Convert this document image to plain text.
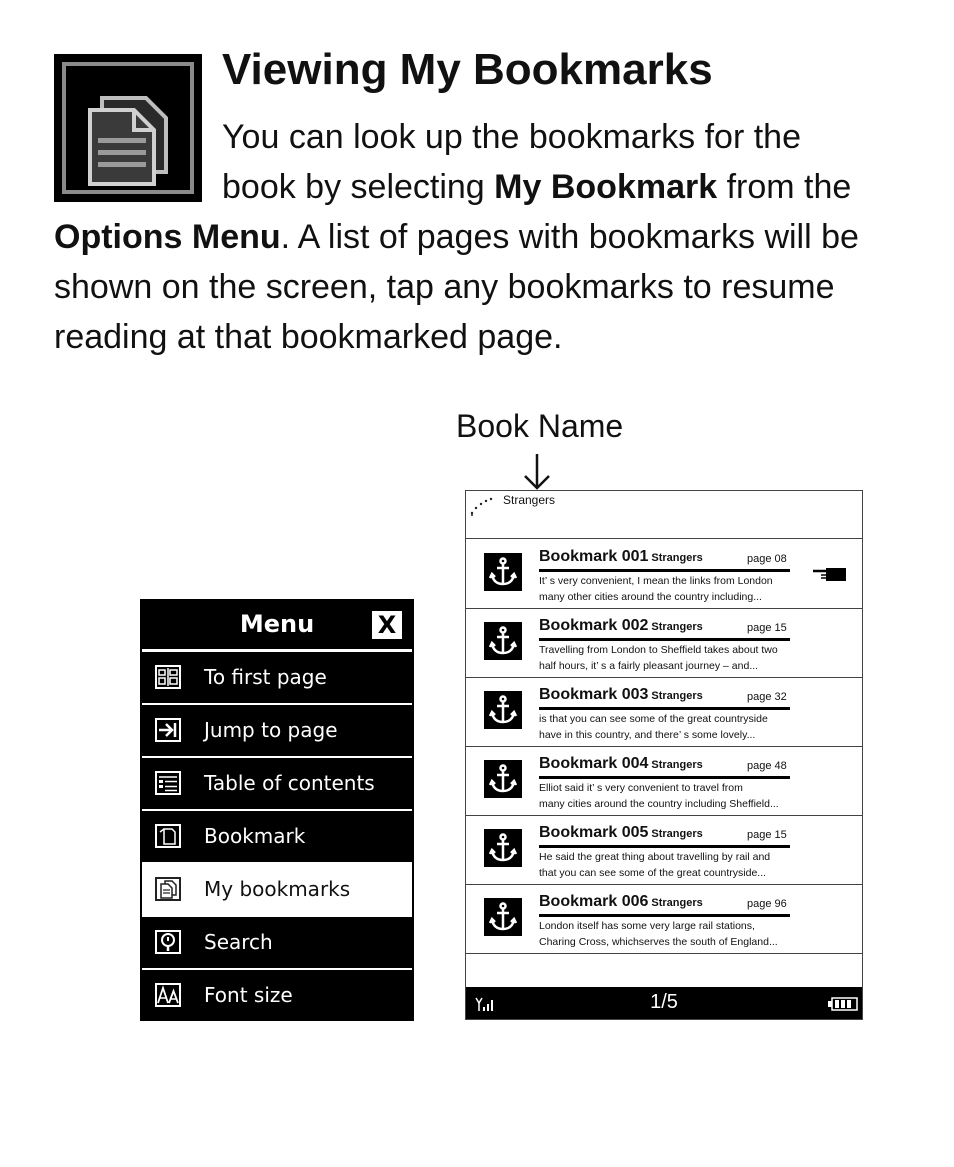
Viewing My Bookmarks

You can look up the bookmarks for the

book by selecting My Bookmark from the

Options Menu. A list of pages with bookmarks will be

shown on the screen, tap any bookmarks to resume

reading at that bookmarked page.

Menu	X
To first page
Jump to page
Table of contents
Bookmark
My bookmarks
Search
Font size
Book Name
Strangers
Bookmark 001 Strangers	page 08
It’ s very convenient, I mean the links from London
many other cities around the country including...
Bookmark 002 Strangers	page 15
Travelling from London to Sheffield takes about two
half hours, it’ s a fairly pleasant journey – and...
Bookmark 003 Strangers	page 32
is that you can see some of the great countryside
have in this country, and there’ s some lovely...
Bookmark 004 Strangers	page 48
Elliot said it’ s very convenient to travel from
many cities around the country including Sheffield...
Bookmark 005 Strangers	page 15
He said the great thing about travelling by rail and
that you can see some of the great countryside...
Bookmark 006 Strangers	page 96
London itself has some very large rail stations,
Charing Cross, whichserves the south of England...
1/5
